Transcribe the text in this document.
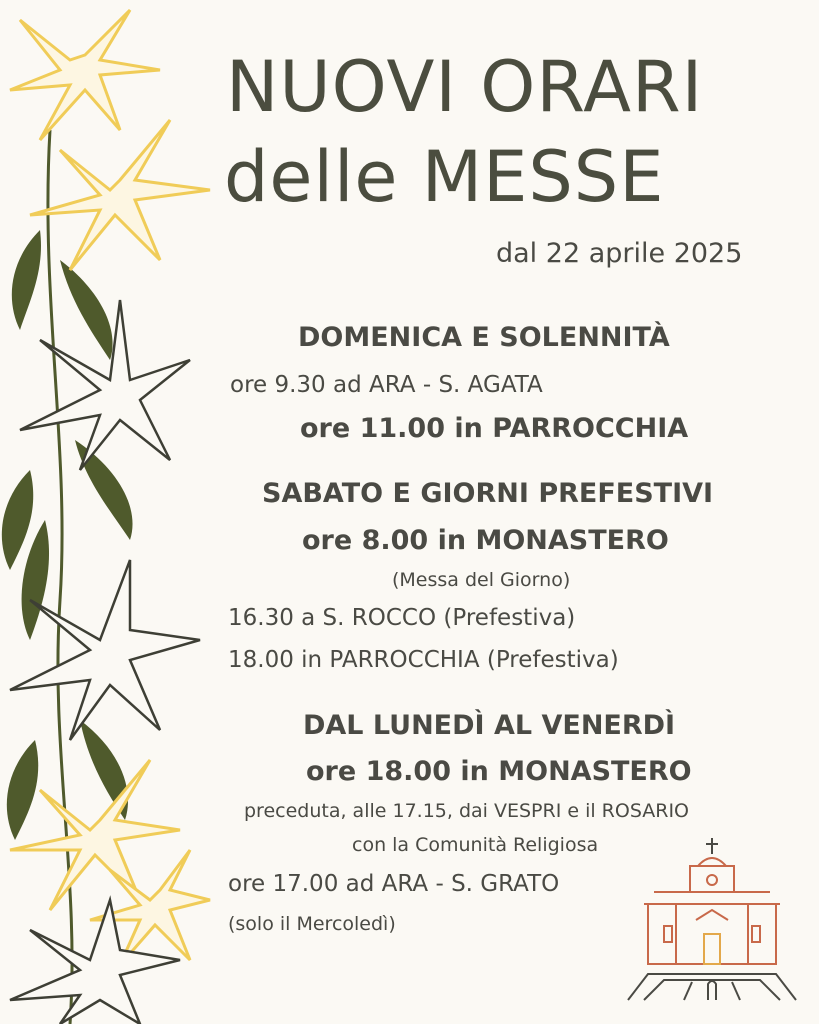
NUOVI ORARI
delle MESSE
dal 22 aprile 2025
DOMENICA E SOLENNITÀ
ore 9.30 ad ARA - S. AGATA
ore 11.00 in PARROCCHIA
SABATO E GIORNI PREFESTIVI
ore 8.00 in MONASTERO
(Messa del Giorno)
16.30 a S. ROCCO (Prefestiva)
18.00 in PARROCCHIA (Prefestiva)
DAL LUNEDÌ AL VENERDÌ
ore 18.00 in MONASTERO
preceduta, alle 17.15, dai VESPRI e il ROSARIO
con la Comunità Religiosa
ore 17.00 ad ARA - S. GRATO
(solo il Mercoledì)
